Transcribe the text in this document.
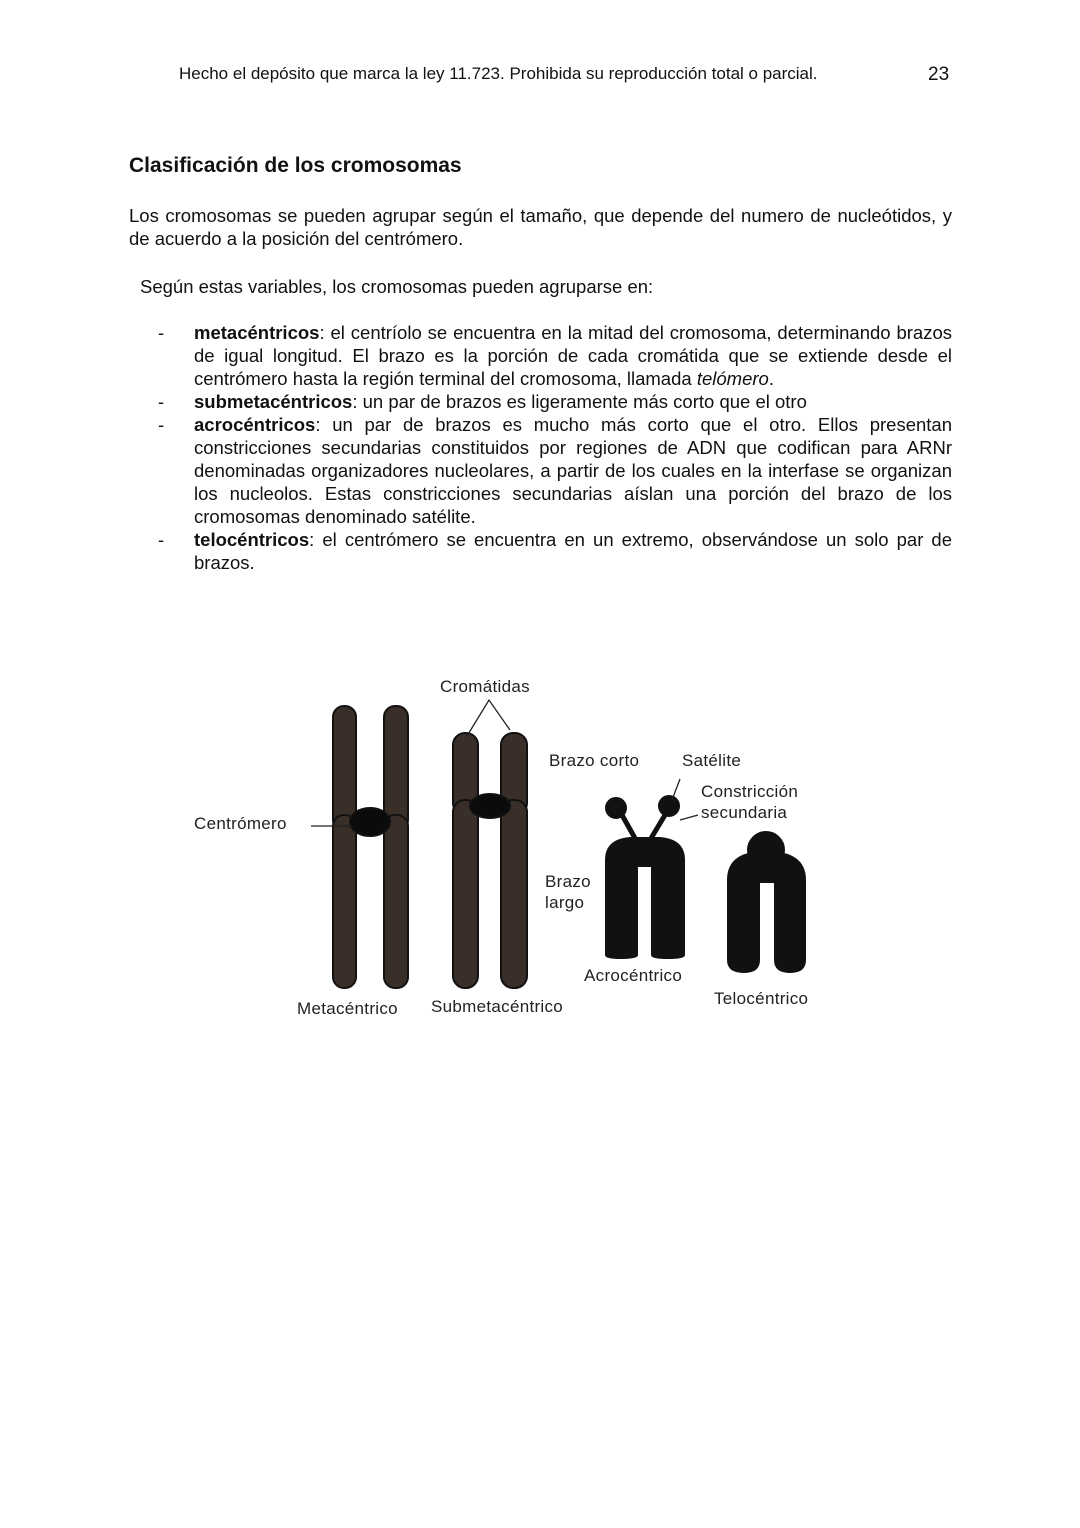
Hecho el depósito que marca la ley 11.723. Prohibida su reproducción total o parcial.	23
Clasificación de los cromosomas

Los cromosomas se pueden agrupar según el tamaño, que depende del numero de nucleótidos, y de acuerdo a la posición del centrómero.

Según estas variables, los cromosomas pueden agruparse en:

- metacéntricos: el centríolo se encuentra en la mitad del cromosoma, determinando brazos de igual longitud. El brazo es la porción de cada cromátida que se extiende desde el centrómero hasta la región terminal del cromosoma, llamada telómero.
- submetacéntricos: un par de brazos es ligeramente más corto que el otro
- acrocéntricos: un par de brazos es mucho más corto que el otro. Ellos presentan constricciones secundarias constituidos por regiones de ADN que codifican para ARNr denominadas organizadores nucleolares, a partir de los cuales en la interfase se organizan los nucleolos. Estas constricciones secundarias aíslan una porción del brazo de los cromosomas denominado satélite.
- telocéntricos: el centrómero se encuentra en un extremo, observándose un solo par de brazos.
Cromátidas
Centrómero
Brazo corto	Satélite
Constricción
secundaria
Brazo
largo
Metacéntrico Submetacéntrico
Acrocéntrico
Telocéntrico
